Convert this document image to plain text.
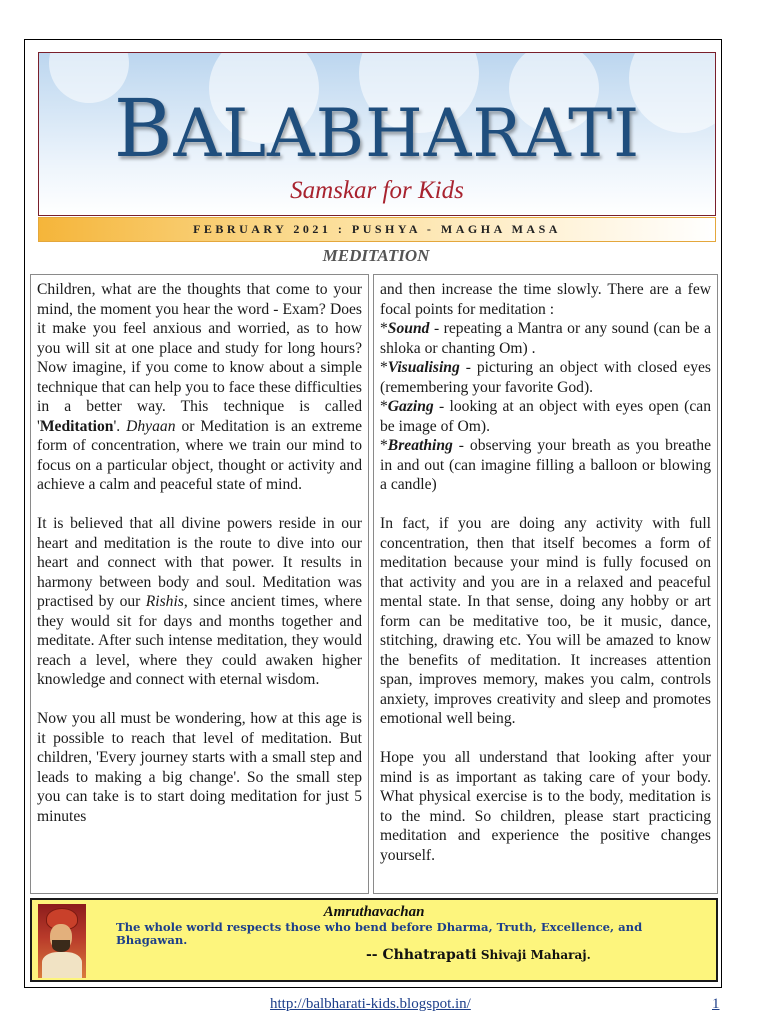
BALABHARATI
Samskar for Kids
FEBRUARY 2021 : PUSHYA - MAGHA MASA
MEDITATION

Children, what are the thoughts that come to your mind, the moment you hear the word - Exam? Does it make you feel anxious and worried, as to how you will sit at one place and study for long hours? Now imagine, if you come to know about a simple technique that can help you to face these difficulties in a better way. This technique is called 'Meditation'. Dhyaan or Meditation is an extreme form of concentration, where we train our mind to focus on a particular object, thought or activity and achieve a calm and peaceful state of mind.

It is believed that all divine powers reside in our heart and meditation is the route to dive into our heart and connect with that power. It results in harmony between body and soul. Meditation was practised by our Rishis, since ancient times, where they would sit for days and months together and meditate. After such intense meditation, they would reach a level, where they could awaken higher knowledge and connect with eternal wisdom.

Now you all must be wondering, how at this age is it possible to reach that level of meditation. But children, 'Every journey starts with a small step and leads to making a big change'. So the small step you can take is to start doing meditation for just 5 minutes

and then increase the time slowly. There are a few focal points for meditation :
*Sound - repeating a Mantra or any sound (can be a shloka or chanting Om) .
*Visualising - picturing an object with closed eyes (remembering your favorite God).
*Gazing - looking at an object with eyes open (can be image of Om).
*Breathing - observing your breath as you breathe in and out (can imagine filling a balloon or blowing a candle)

In fact, if you are doing any activity with full concentration, then that itself becomes a form of meditation because your mind is fully focused on that activity and you are in a relaxed and peaceful mental state. In that sense, doing any hobby or art form can be meditative too, be it music, dance, stitching, drawing etc. You will be amazed to know the benefits of meditation. It increases attention span, improves memory, makes you calm, controls anxiety, improves creativity and sleep and promotes emotional well being.

Hope you all understand that looking after your mind is as important as taking care of your body. What physical exercise is to the body, meditation is to the mind. So children, please start practicing meditation and experience the positive changes yourself.

Amruthavachan
The whole world respects those who bend before Dharma, Truth, Excellence, and Bhagawan.
-- Chhatrapati Shivaji Maharaj.
http://balbharati-kids.blogspot.in/	1
